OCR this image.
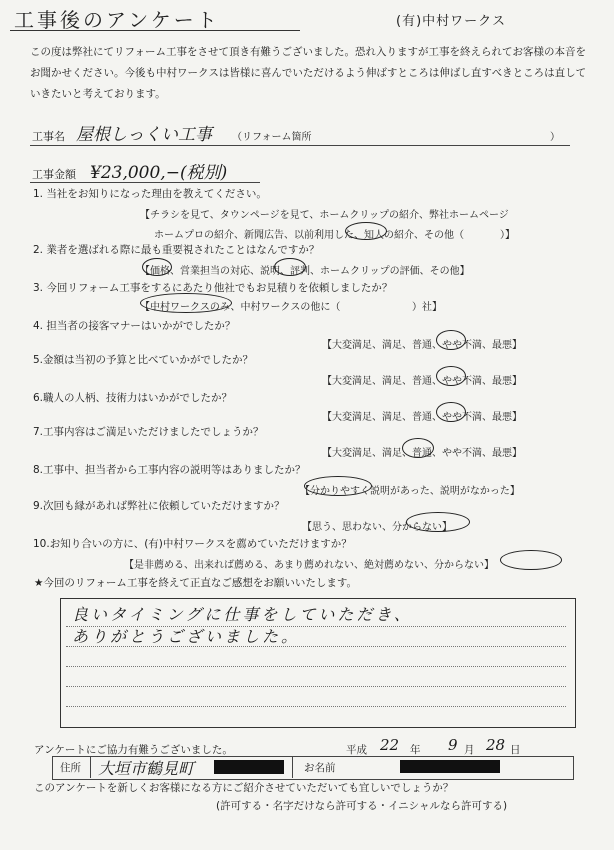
工事後のアンケート	(有)中村ワークス
この度は弊社にてリフォーム工事をさせて頂き有難うございました。恐れ入りますが工事を終えられてお客様の本音をお聞かせください。今後も中村ワークスは皆様に喜んでいただけるよう伸ばすところは伸ばし直すべきところは直していきたいと考えております。
工事名 屋根しっくい工事 （リフォーム箇所	）
工事金額 ¥23,000,−(税別)
1. 当社をお知りになった理由を教えてください。
【チラシを見て、タウンページを見て、ホームクリップの紹介、弊社ホームページ
ホームプロの紹介、新聞広告、以前利用した、知人の紹介、その他（	）】
2. 業者を選ばれる際に最も重要視されたことはなんですか？
【価格、営業担当の対応、説明、評判、ホームクリップの評価、その他】
3. 今回リフォーム工事をするにあたり他社でもお見積りを依頼しましたか？
【中村ワークスのみ、中村ワークスの他に（	）社】
4. 担当者の接客マナーはいかがでしたか？
【大変満足、満足、普通、やや不満、最悪】
5.金額は当初の予算と比べていかがでしたか？
【大変満足、満足、普通、やや不満、最悪】
6.職人の人柄、技術力はいかがでしたか？
【大変満足、満足、普通、やや不満、最悪】
7.工事内容はご満足いただけましたでしょうか？
【大変満足、満足、普通、やや不満、最悪】
8.工事中、担当者から工事内容の説明等はありましたか？
【分かりやすく説明があった、説明がなかった】
9.次回も縁があれば弊社に依頼していただけますか？
【思う、思わない、分からない】
10.お知り合いの方に、(有)中村ワークスを薦めていただけますか？
【是非薦める、出来れば薦める、あまり薦めれない、絶対薦めない、分からない】
★今回のリフォーム工事を終えて正直なご感想をお願いいたします。
良いタイミングに仕事をしていただき、
ありがとうございました。
アンケートにご協力有難うございました。	平成 22 年 9 月 28 日
住所 大垣市鶴見町	お名前
このアンケートを新しくお客様になる方にご紹介させていただいても宜しいでしょうか？
(許可する・名字だけなら許可する・イニシャルなら許可する)
